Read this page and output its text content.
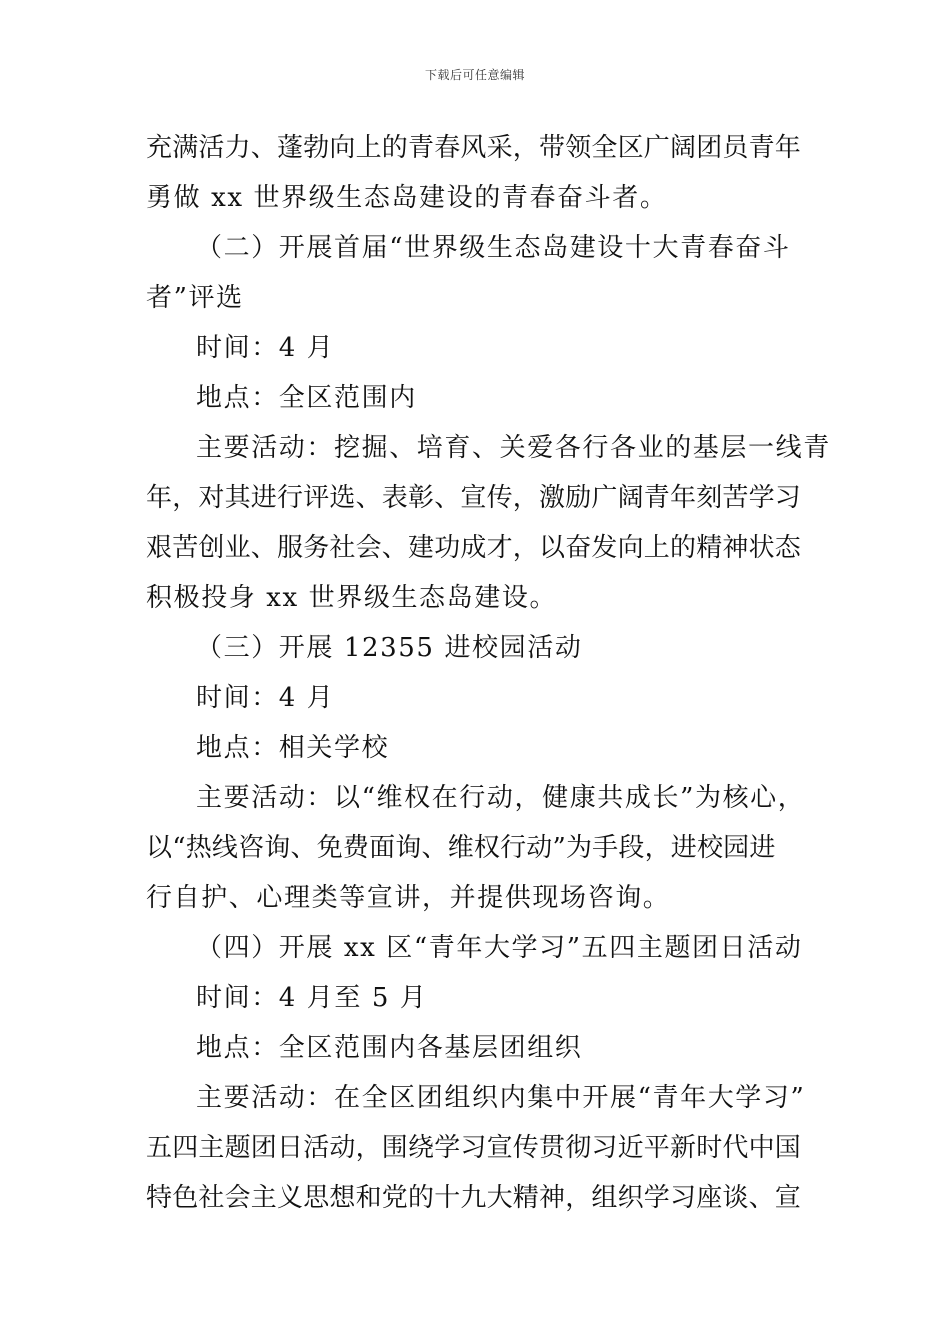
下载后可任意编辑
充满活力、蓬勃向上的青春风采，带领全区广阔团员青年
勇做 xx 世界级生态岛建设的青春奋斗者。
（二）开展首届“世界级生态岛建设十大青春奋斗
者”评选
时间：4 月
地点：全区范围内
主要活动：挖掘、培育、关爱各行各业的基层一线青
年，对其进行评选、表彰、宣传，激励广阔青年刻苦学习
艰苦创业、服务社会、建功成才，以奋发向上的精神状态
积极投身 xx 世界级生态岛建设。
（三）开展 12355 进校园活动
时间：4 月
地点：相关学校
主要活动：以“维权在行动，健康共成长”为核心，
以“热线咨询、免费面询、维权行动”为手段，进校园进
行自护、心理类等宣讲，并提供现场咨询。
（四）开展 xx 区“青年大学习”五四主题团日活动
时间：4 月至 5 月
地点：全区范围内各基层团组织
主要活动：在全区团组织内集中开展“青年大学习”
五四主题团日活动，围绕学习宣传贯彻习近平新时代中国
特色社会主义思想和党的十九大精神，组织学习座谈、宣
